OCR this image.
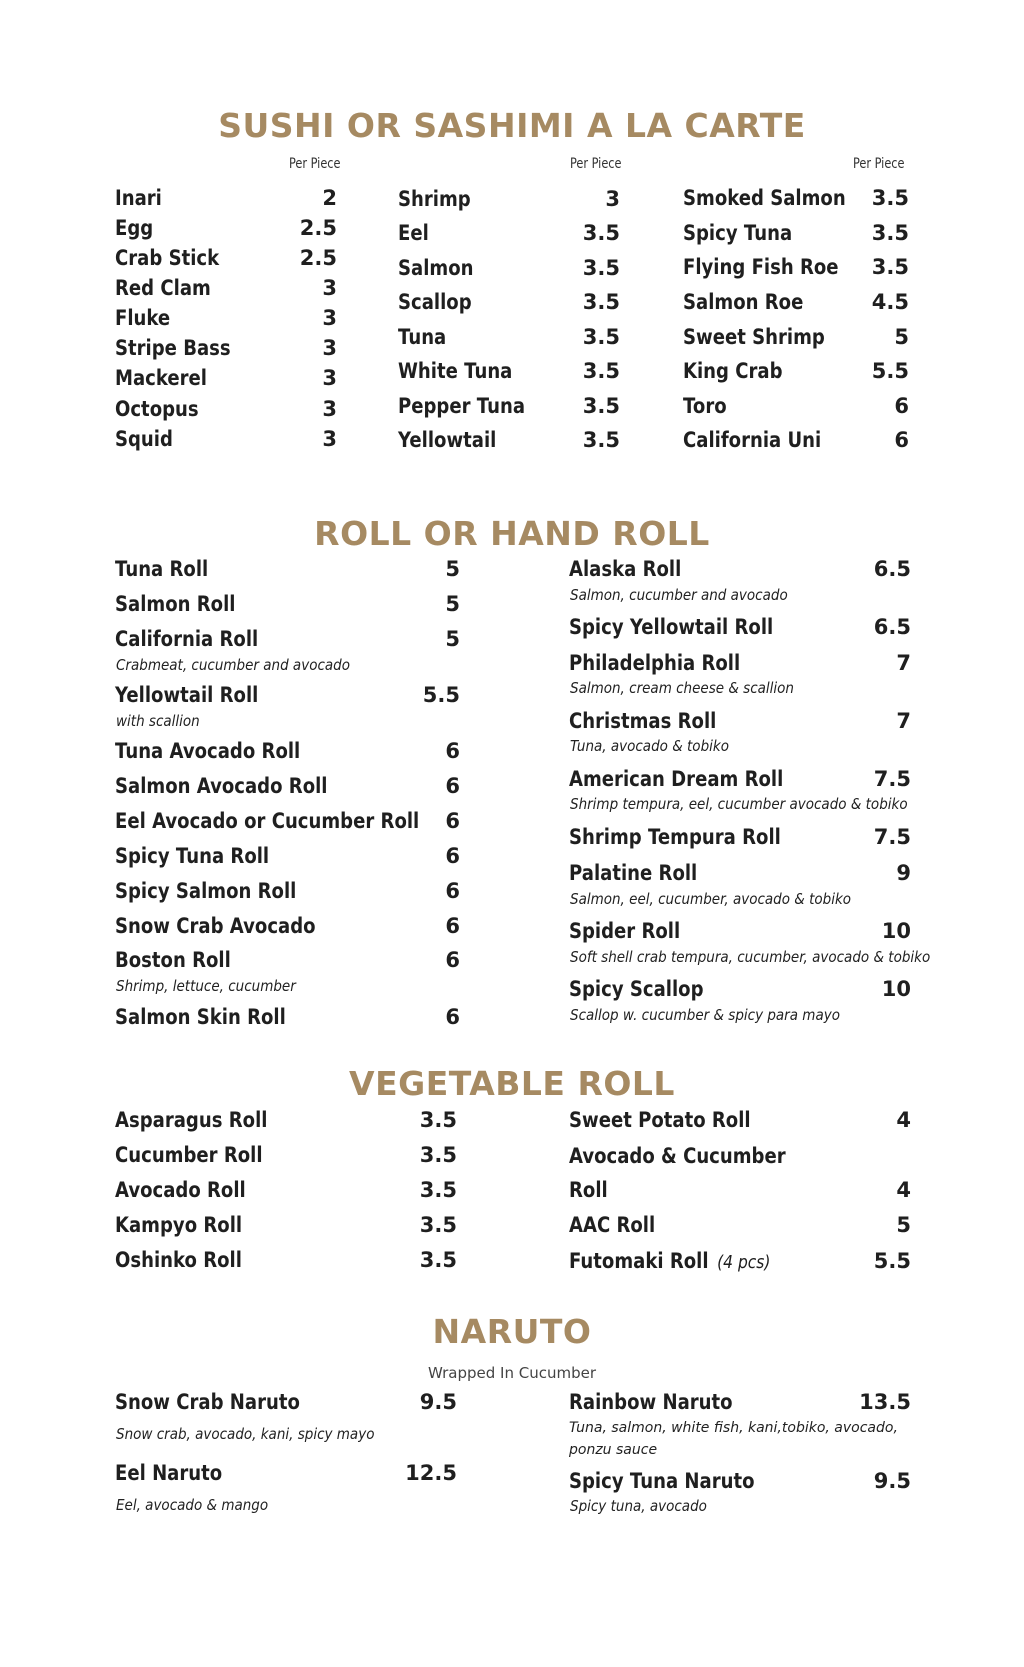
SUSHI OR SASHIMI A LA CARTE
Per Piece	Per Piece	Per Piece
Inari	2
Egg	2.5
Crab Stick	2.5
Red Clam	3
Fluke	3
Stripe Bass	3
Mackerel	3
Octopus	3
Squid	3
Shrimp	3
Eel	3.5
Salmon	3.5
Scallop	3.5
Tuna	3.5
White Tuna	3.5
Pepper Tuna	3.5
Yellowtail	3.5
Smoked Salmon	3.5
Spicy Tuna	3.5
Flying Fish Roe	3.5
Salmon Roe	4.5
Sweet Shrimp	5
King Crab	5.5
Toro	6
California Uni	6
ROLL OR HAND ROLL
Tuna Roll	5
Salmon Roll	5
California Roll	5
Crabmeat, cucumber and avocado
Yellowtail Roll	5.5
with scallion
Tuna Avocado Roll	6
Salmon Avocado Roll	6
Eel Avocado or Cucumber Roll	6
Spicy Tuna Roll	6
Spicy Salmon Roll	6
Snow Crab Avocado	6
Boston Roll	6
Shrimp, lettuce, cucumber
Salmon Skin Roll	6
Alaska Roll	6.5
Salmon, cucumber and avocado
Spicy Yellowtail Roll	6.5
Philadelphia Roll	7
Salmon, cream cheese & scallion
Christmas Roll	7
Tuna, avocado & tobiko
American Dream Roll	7.5
Shrimp tempura, eel, cucumber avocado & tobiko
Shrimp Tempura Roll	7.5
Palatine Roll	9
Salmon, eel, cucumber, avocado & tobiko
Spider Roll	10
Soft shell crab tempura, cucumber, avocado & tobiko
Spicy Scallop	10
Scallop w. cucumber & spicy para mayo
VEGETABLE ROLL
Asparagus Roll	3.5
Cucumber Roll	3.5
Avocado Roll	3.5
Kampyo Roll	3.5
Oshinko Roll	3.5
Sweet Potato Roll	4
Avocado & Cucumber
Roll	4
AAC Roll	5
Futomaki Roll (4 pcs)	5.5
NARUTO
Wrapped In Cucumber
Snow Crab Naruto	9.5
Snow crab, avocado, kani, spicy mayo
Eel Naruto	12.5
Eel, avocado & mango
Rainbow Naruto	13.5
Tuna, salmon, white fish, kani,tobiko, avocado, ponzu sauce
Spicy Tuna Naruto	9.5
Spicy tuna, avocado
